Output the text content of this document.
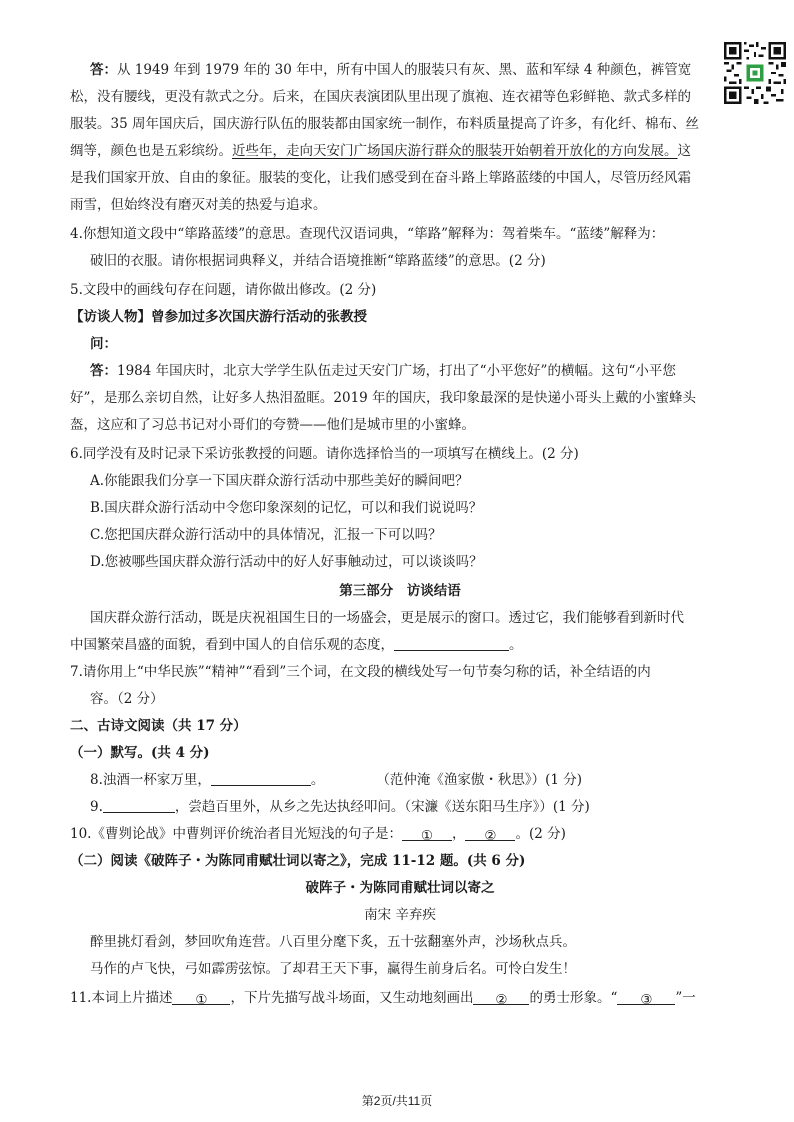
答：从 1949 年到 1979 年的 30 年中，所有中国人的服装只有灰、黑、蓝和军绿 4 种颜色，裤管宽
松，没有腰线，更没有款式之分。后来，在国庆表演团队里出现了旗袍、连衣裙等色彩鲜艳、款式多样的
服装。35 周年国庆后，国庆游行队伍的服装都由国家统一制作，布料质量提高了许多，有化纤、棉布、丝
绸等，颜色也是五彩缤纷。近些年，走向天安门广场国庆游行群众的服装开始朝着开放化的方向发展。这
是我们国家开放、自由的象征。服装的变化，让我们感受到在奋斗路上筚路蓝缕的中国人，尽管历经风霜
雨雪，但始终没有磨灭对美的热爱与追求。
4.你想知道文段中“筚路蓝缕”的意思。查现代汉语词典，“筚路”解释为：驾着柴车。“蓝缕”解释为：
破旧的衣服。请你根据词典释义，并结合语境推断“筚路蓝缕”的意思。(2 分)
5.文段中的画线句存在问题，请你做出修改。(2 分)
【访谈人物】曾参加过多次国庆游行活动的张教授
问：
答：1984 年国庆时，北京大学学生队伍走过天安门广场，打出了“小平您好”的横幅。这句“小平您
好”，是那么亲切自然，让好多人热泪盈眶。2019 年的国庆，我印象最深的是快递小哥头上戴的小蜜蜂头
盔，这应和了习总书记对小哥们的夸赞——他们是城市里的小蜜蜂。
6.同学没有及时记录下采访张教授的问题。请你选择恰当的一项填写在横线上。(2 分)
A.你能跟我们分享一下国庆群众游行活动中那些美好的瞬间吧？
B.国庆群众游行活动中令您印象深刻的记忆，可以和我们说说吗？
C.您把国庆群众游行活动中的具体情况，汇报一下可以吗？
D.您被哪些国庆群众游行活动中的好人好事触动过，可以谈谈吗？
第三部分　访谈结语
国庆群众游行活动，既是庆祝祖国生日的一场盛会，更是展示的窗口。透过它，我们能够看到新时代
中国繁荣昌盛的面貌，看到中国人的自信乐观的态度，	。
7.请你用上“中华民族”“精神”“看到”三个词，在文段的横线处写一句节奏匀称的话，补全结语的内
容。（2 分）
二、古诗文阅读（共 17 分）
（一）默写。(共 4 分)
8.浊酒一杯家万里，	。	（范仲淹《渔家傲・秋思》）(1 分)
9.	，尝趋百里外，从乡之先达执经叩问。（宋濂《送东阳马生序》）(1 分)
10.《曹刿论战》中曹刿评价统治者目光短浅的句子是： ① ， ② 。(2 分)
（二）阅读《破阵子・为陈同甫赋壮词以寄之》，完成 11-12 题。(共 6 分)
破阵子・为陈同甫赋壮词以寄之
南宋 辛弃疾
醉里挑灯看剑，梦回吹角连营。八百里分麾下炙，五十弦翻塞外声，沙场秋点兵。
马作的卢飞快，弓如霹雳弦惊。了却君王天下事，赢得生前身后名。可怜白发生！
11.本词上片描述 ① ，下片先描写战斗场面，又生动地刻画出 ② 的勇士形象。“ ③ ”一
第2页/共11页
